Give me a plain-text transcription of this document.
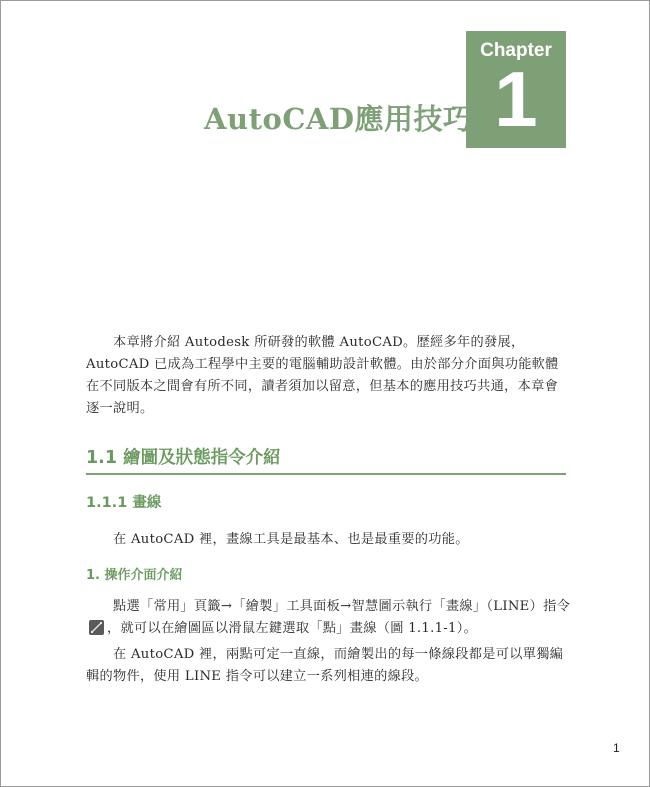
Chapter
1
AutoCAD應用技巧

本章將介紹 Autodesk 所研發的軟體 AutoCAD。歷經多年的發展，AutoCAD 已成為工程學中主要的電腦輔助設計軟體。由於部分介面與功能軟體在不同版本之間會有所不同，讀者須加以留意，但基本的應用技巧共通，本章會逐一說明。

1.1 繪圖及狀態指令介紹
1.1.1 畫線

在 AutoCAD 裡，畫線工具是最基本、也是最重要的功能。

1. 操作介面介紹

點選「常用」頁籤→「繪製」工具面板→智慧圖示執行「畫線」（LINE）指令
，就可以在繪圖區以滑鼠左鍵選取「點」畫線（圖 1.1.1-1）。

在 AutoCAD 裡，兩點可定一直線，而繪製出的每一條線段都是可以單獨編輯的物件，使用 LINE 指令可以建立一系列相連的線段。

1
